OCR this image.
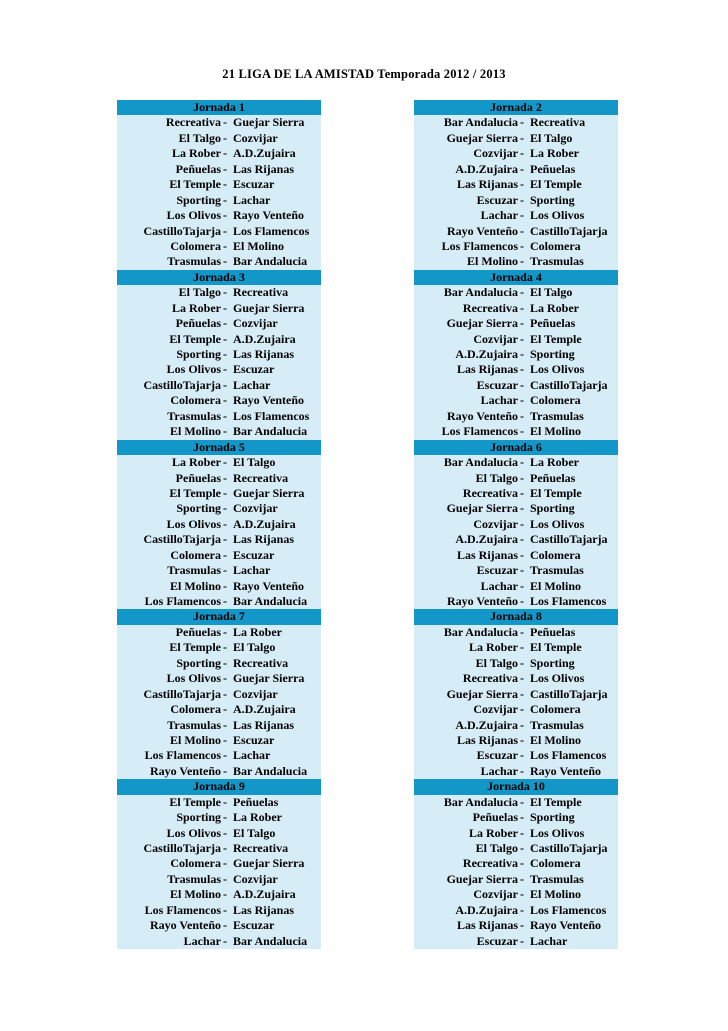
21 LIGA DE LA AMISTAD Temporada 2012 / 2013
Jornada 1
Recreativa - Guejar Sierra
El Talgo - Cozvijar
La Rober - A.D.Zujaira
Peñuelas - Las Rijanas
El Temple - Escuzar
Sporting - Lachar
Los Olivos - Rayo Venteño
CastilloTajarja - Los Flamencos
Colomera - El Molino
Trasmulas - Bar Andalucia
Jornada 3
El Talgo - Recreativa
La Rober - Guejar Sierra
Peñuelas - Cozvijar
El Temple - A.D.Zujaira
Sporting - Las Rijanas
Los Olivos - Escuzar
CastilloTajarja - Lachar
Colomera - Rayo Venteño
Trasmulas - Los Flamencos
El Molino - Bar Andalucia
Jornada 5
La Rober - El Talgo
Peñuelas - Recreativa
El Temple - Guejar Sierra
Sporting - Cozvijar
Los Olivos - A.D.Zujaira
CastilloTajarja - Las Rijanas
Colomera - Escuzar
Trasmulas - Lachar
El Molino - Rayo Venteño
Los Flamencos - Bar Andalucia
Jornada 7
Peñuelas - La Rober
El Temple - El Talgo
Sporting - Recreativa
Los Olivos - Guejar Sierra
CastilloTajarja - Cozvijar
Colomera - A.D.Zujaira
Trasmulas - Las Rijanas
El Molino - Escuzar
Los Flamencos - Lachar
Rayo Venteño - Bar Andalucia
Jornada 9
El Temple - Peñuelas
Sporting - La Rober
Los Olivos - El Talgo
CastilloTajarja - Recreativa
Colomera - Guejar Sierra
Trasmulas - Cozvijar
El Molino - A.D.Zujaira
Los Flamencos - Las Rijanas
Rayo Venteño - Escuzar
Lachar - Bar Andalucia
Jornada 2
Bar Andalucia - Recreativa
Guejar Sierra - El Talgo
Cozvijar - La Rober
A.D.Zujaira - Peñuelas
Las Rijanas - El Temple
Escuzar - Sporting
Lachar - Los Olivos
Rayo Venteño - CastilloTajarja
Los Flamencos - Colomera
El Molino - Trasmulas
Jornada 4
Bar Andalucia - El Talgo
Recreativa - La Rober
Guejar Sierra - Peñuelas
Cozvijar - El Temple
A.D.Zujaira - Sporting
Las Rijanas - Los Olivos
Escuzar - CastilloTajarja
Lachar - Colomera
Rayo Venteño - Trasmulas
Los Flamencos - El Molino
Jornada 6
Bar Andalucia - La Rober
El Talgo - Peñuelas
Recreativa - El Temple
Guejar Sierra - Sporting
Cozvijar - Los Olivos
A.D.Zujaira - CastilloTajarja
Las Rijanas - Colomera
Escuzar - Trasmulas
Lachar - El Molino
Rayo Venteño - Los Flamencos
Jornada 8
Bar Andalucia - Peñuelas
La Rober - El Temple
El Talgo - Sporting
Recreativa - Los Olivos
Guejar Sierra - CastilloTajarja
Cozvijar - Colomera
A.D.Zujaira - Trasmulas
Las Rijanas - El Molino
Escuzar - Los Flamencos
Lachar - Rayo Venteño
Jornada 10
Bar Andalucia - El Temple
Peñuelas - Sporting
La Rober - Los Olivos
El Talgo - CastilloTajarja
Recreativa - Colomera
Guejar Sierra - Trasmulas
Cozvijar - El Molino
A.D.Zujaira - Los Flamencos
Las Rijanas - Rayo Venteño
Escuzar - Lachar
